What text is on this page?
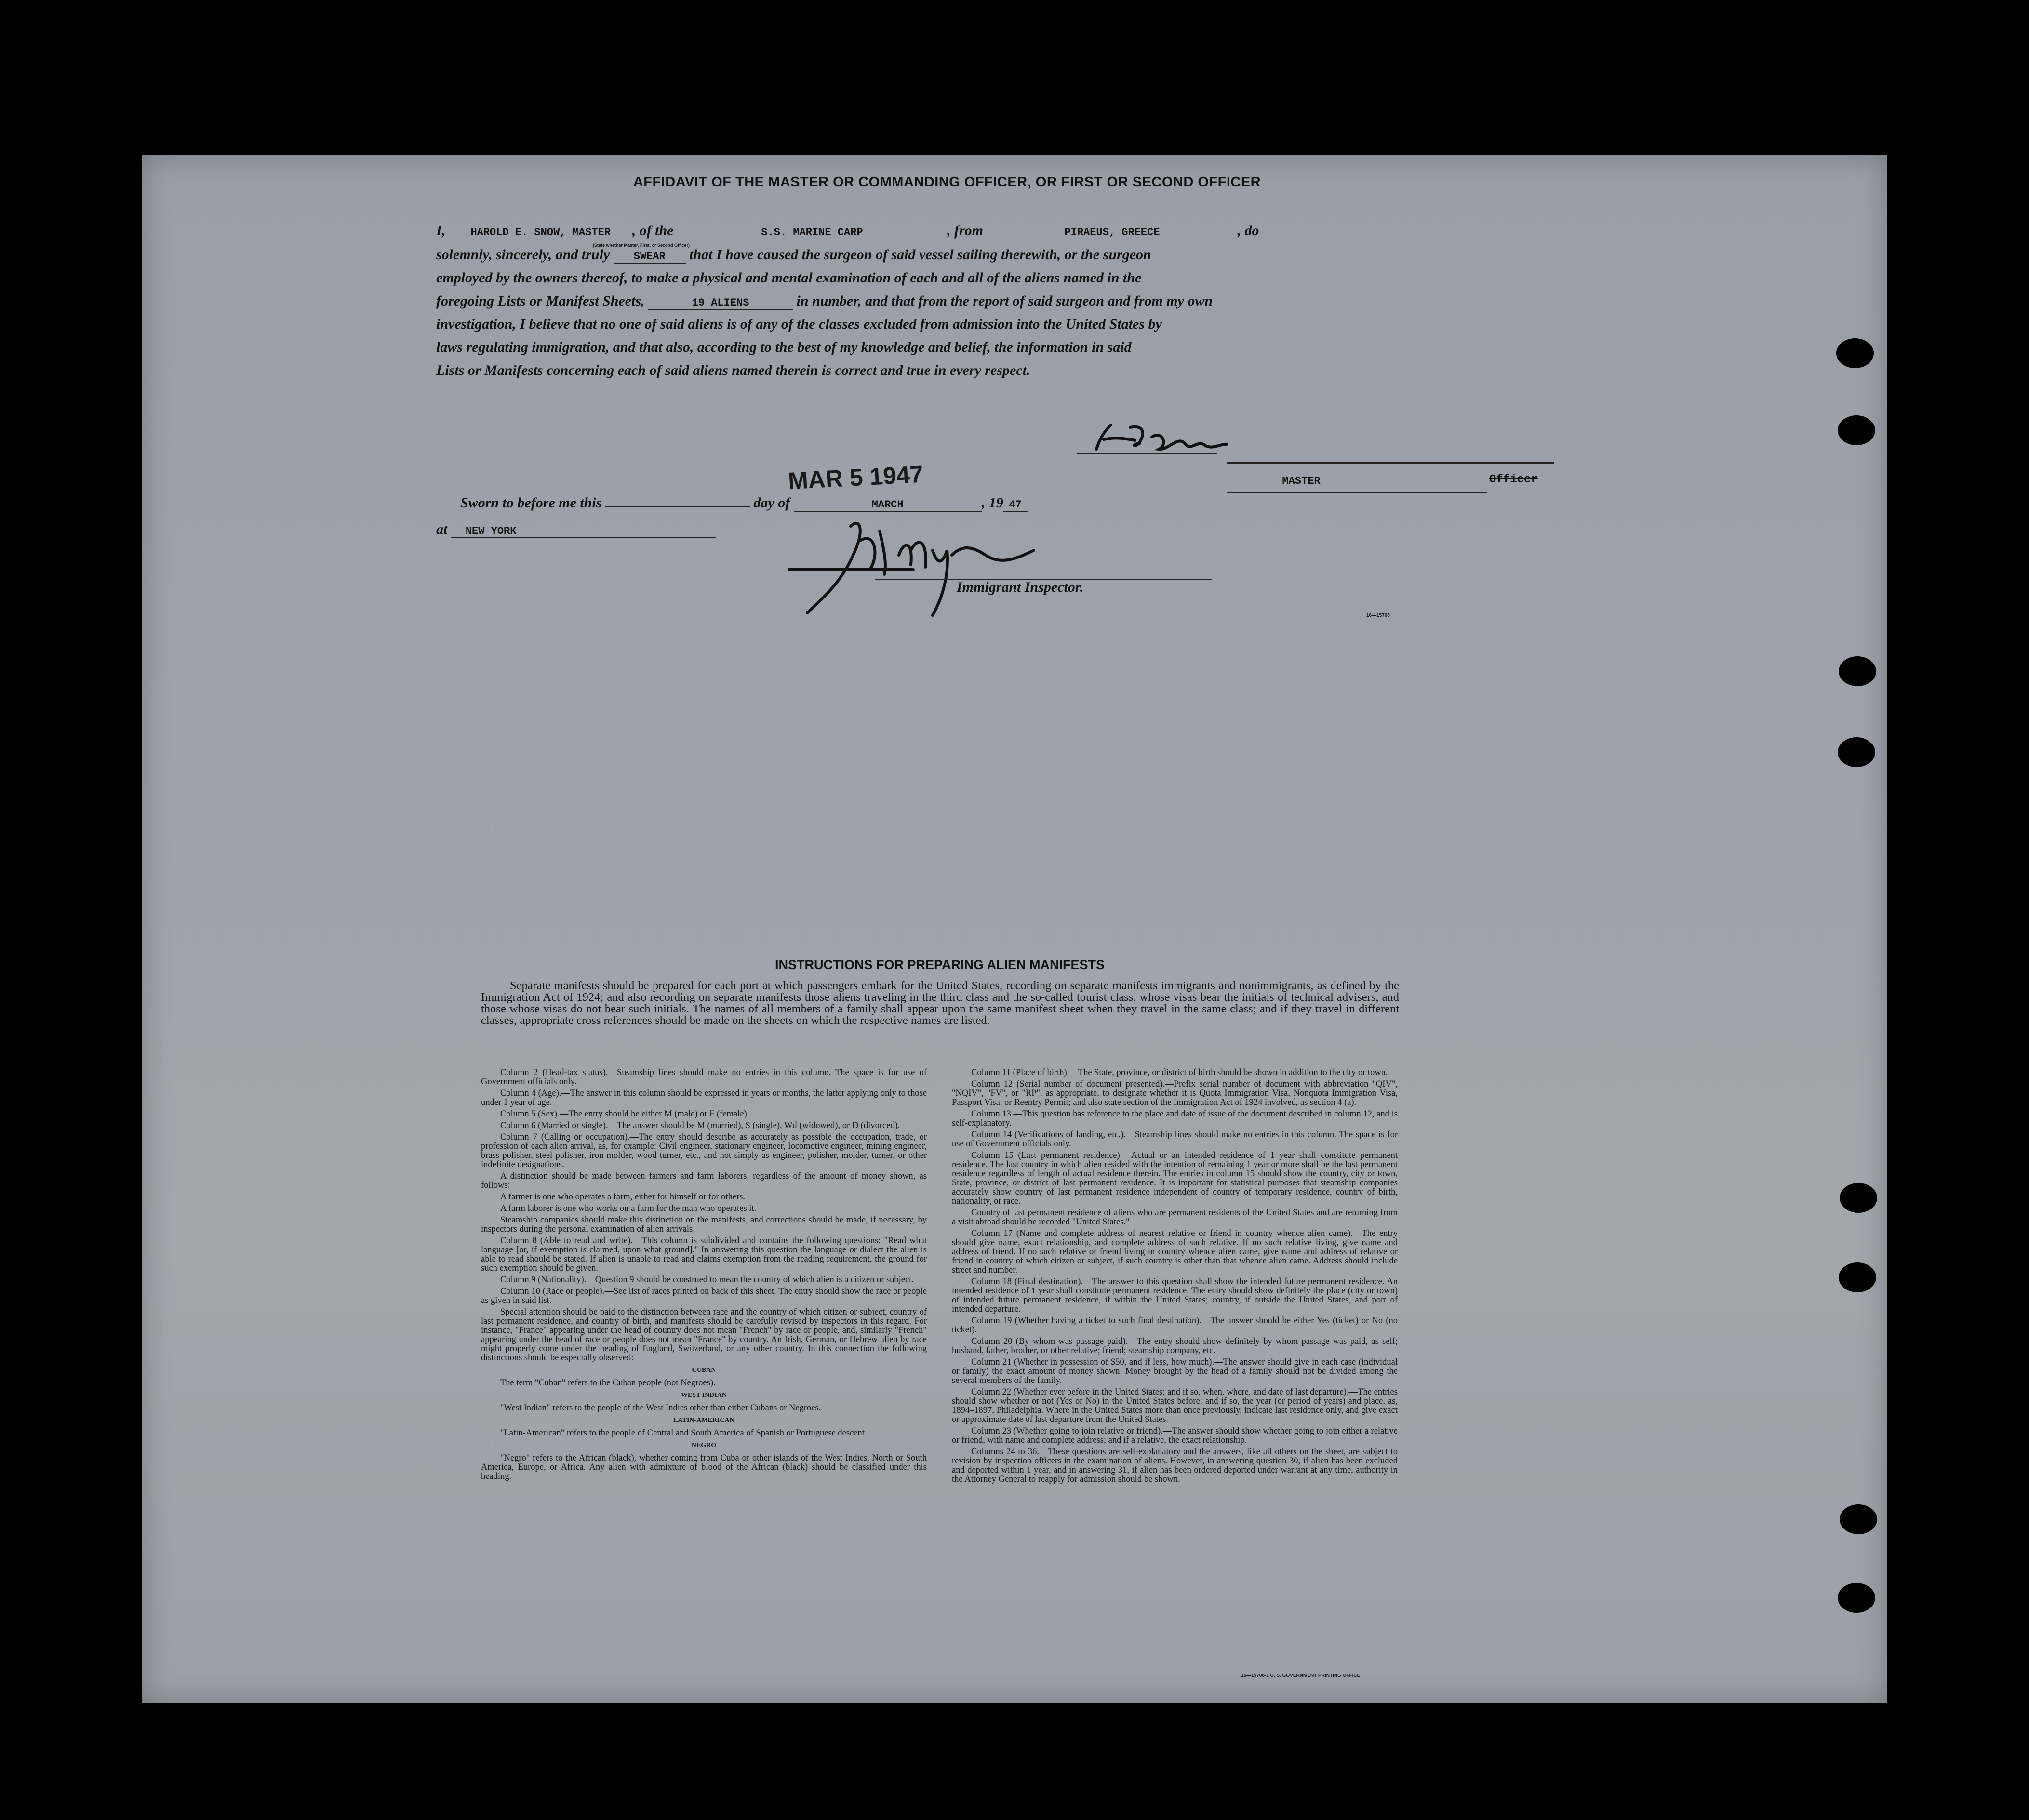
AFFIDAVIT OF THE MASTER OR COMMANDING OFFICER, OR FIRST OR SECOND OFFICER
I, HAROLD E. SNOW, MASTER , of the	S.S. MARINE CARP	, from	PIRAEUS, GREECE	, do
(State whether Master, First, or Second Officer)
solemnly, sincerely, and truly SWEAR that I have caused the surgeon of said vessel sailing therewith, or the surgeon
employed by the owners thereof, to make a physical and mental examination of each and all of the aliens named in the
foregoing Lists or Manifest Sheets,	19 ALIENS	in number, and that from the report of said surgeon and from my own
investigation, I believe that no one of said aliens is of any of the classes excluded from admission into the United States by
laws regulating immigration, and that also, according to the best of my knowledge and belief, the information in said
Lists or Manifests concerning each of said aliens named therein is correct and true in every respect.
MASTER	Officer
MAR 5 1947
Sworn to before me this	day of	MARCH	, 19 47
at NEW YORK
Immigrant Inspector.
16—15708
INSTRUCTIONS FOR PREPARING ALIEN MANIFESTS
Separate manifests should be prepared for each port at which passengers embark for the United States, recording on separate manifests immigrants and nonimmigrants, as defined by the Immigration Act of 1924; and also recording on separate manifests those aliens traveling in the third class and the so-called tourist class, whose visas bear the initials of technical advisers, and those whose visas do not bear such initials. The names of all members of a family shall appear upon the same manifest sheet when they travel in the same class; and if they travel in different classes, appropriate cross references should be made on the sheets on which the respective names are listed.

Column 2 (Head-tax status).—Steamship lines should make no entries in this column. The space is for use of Government officials only.

Column 4 (Age).—The answer in this column should be expressed in years or months, the latter applying only to those under 1 year of age.

Column 5 (Sex).—The entry should be either M (male) or F (female).

Column 6 (Married or single).—The answer should be M (married), S (single), Wd (widowed), or D (divorced).

Column 7 (Calling or occupation).—The entry should describe as accurately as possible the occupation, trade, or profession of each alien arrival, as, for example: Civil engineer, stationary engineer, locomotive engineer, mining engineer, brass polisher, steel polisher, iron molder, wood turner, etc., and not simply as engineer, polisher, molder, turner, or other indefinite designations.

A distinction should be made between farmers and farm laborers, regardless of the amount of money shown, as follows:

A farmer is one who operates a farm, either for himself or for others.

A farm laborer is one who works on a farm for the man who operates it.

Steamship companies should make this distinction on the manifests, and corrections should be made, if necessary, by inspectors during the personal examination of alien arrivals.

Column 8 (Able to read and write).—This column is subdivided and contains the following questions: "Read what language [or, if exemption is claimed, upon what ground]." In answering this question the language or dialect the alien is able to read should be stated. If alien is unable to read and claims exemption from the reading requirement, the ground for such exemption should be given.

Column 9 (Nationality).—Question 9 should be construed to mean the country of which alien is a citizen or subject.

Column 10 (Race or people).—See list of races printed on back of this sheet. The entry should show the race or people as given in said list.

Special attention should be paid to the distinction between race and the country of which citizen or subject, country of last permanent residence, and country of birth, and manifests should be carefully revised by inspectors in this regard. For instance, "France" appearing under the head of country does not mean "French" by race or people, and, similarly "French" appearing under the head of race or people does not mean "France" by country. An Irish, German, or Hebrew alien by race might properly come under the heading of England, Switzerland, or any other country. In this connection the following distinctions should be especially observed:

CUBAN

The term "Cuban" refers to the Cuban people (not Negroes).

WEST INDIAN

"West Indian" refers to the people of the West Indies other than either Cubans or Negroes.

LATIN-AMERICAN

"Latin-American" refers to the people of Central and South America of Spanish or Portuguese descent.

NEGRO

"Negro" refers to the African (black), whether coming from Cuba or other islands of the West Indies, North or South America, Europe, or Africa. Any alien with admixture of blood of the African (black) should be classified under this heading.

Column 11 (Place of birth).—The State, province, or district of birth should be shown in addition to the city or town.

Column 12 (Serial number of document presented).—Prefix serial number of document with abbreviation "QIV", "NQIV", "FV", or "RP", as appropriate, to designate whether it is Quota Immigration Visa, Nonquota Immigration Visa, Passport Visa, or Reentry Permit; and also state section of the Immigration Act of 1924 involved, as section 4 (a).

Column 13.—This question has reference to the place and date of issue of the document described in column 12, and is self-explanatory.

Column 14 (Verifications of landing, etc.).—Steamship lines should make no entries in this column. The space is for use of Government officials only.

Column 15 (Last permanent residence).—Actual or an intended residence of 1 year shall constitute permanent residence. The last country in which alien resided with the intention of remaining 1 year or more shall be the last permanent residence regardless of length of actual residence therein. The entries in column 15 should show the country, city or town, State, province, or district of last permanent residence. It is important for statistical purposes that steamship companies accurately show country of last permanent residence independent of country of temporary residence, country of birth, nationality, or race.

Country of last permanent residence of aliens who are permanent residents of the United States and are returning from a visit abroad should be recorded "United States."

Column 17 (Name and complete address of nearest relative or friend in country whence alien came).—The entry should give name, exact relationship, and complete address of such relative. If no such relative living, give name and address of friend. If no such relative or friend living in country whence alien came, give name and address of relative or friend in country of which citizen or subject, if such country is other than that whence alien came. Address should include street and number.

Column 18 (Final destination).—The answer to this question shall show the intended future permanent residence. An intended residence of 1 year shall constitute permanent residence. The entry should show definitely the place (city or town) of intended future permanent residence, if within the United States; country, if outside the United States, and port of intended departure.

Column 19 (Whether having a ticket to such final destination).—The answer should be either Yes (ticket) or No (no ticket).

Column 20 (By whom was passage paid).—The entry should show definitely by whom passage was paid, as self; husband, father, brother, or other relative; friend; steamship company, etc.

Column 21 (Whether in possession of $50, and if less, how much).—The answer should give in each case (individual or family) the exact amount of money shown. Money brought by the head of a family should not be divided among the several members of the family.

Column 22 (Whether ever before in the United States; and if so, when, where, and date of last departure).—The entries should show whether or not (Yes or No) in the United States before; and if so, the year (or period of years) and place, as, 1894–1897, Philadelphia. Where in the United States more than once previously, indicate last residence only, and give exact or approximate date of last departure from the United States.

Column 23 (Whether going to join relative or friend).—The answer should show whether going to join either a relative or friend, with name and complete address; and if a relative, the exact relationship.

Columns 24 to 36.—These questions are self-explanatory and the answers, like all others on the sheet, are subject to revision by inspection officers in the examination of aliens. However, in answering question 30, if alien has been excluded and deported within 1 year, and in answering 31, if alien has been ordered deported under warrant at any time, authority in the Attorney General to reapply for admission should be shown.

16—15708-1 U. S. GOVERNMENT PRINTING OFFICE
